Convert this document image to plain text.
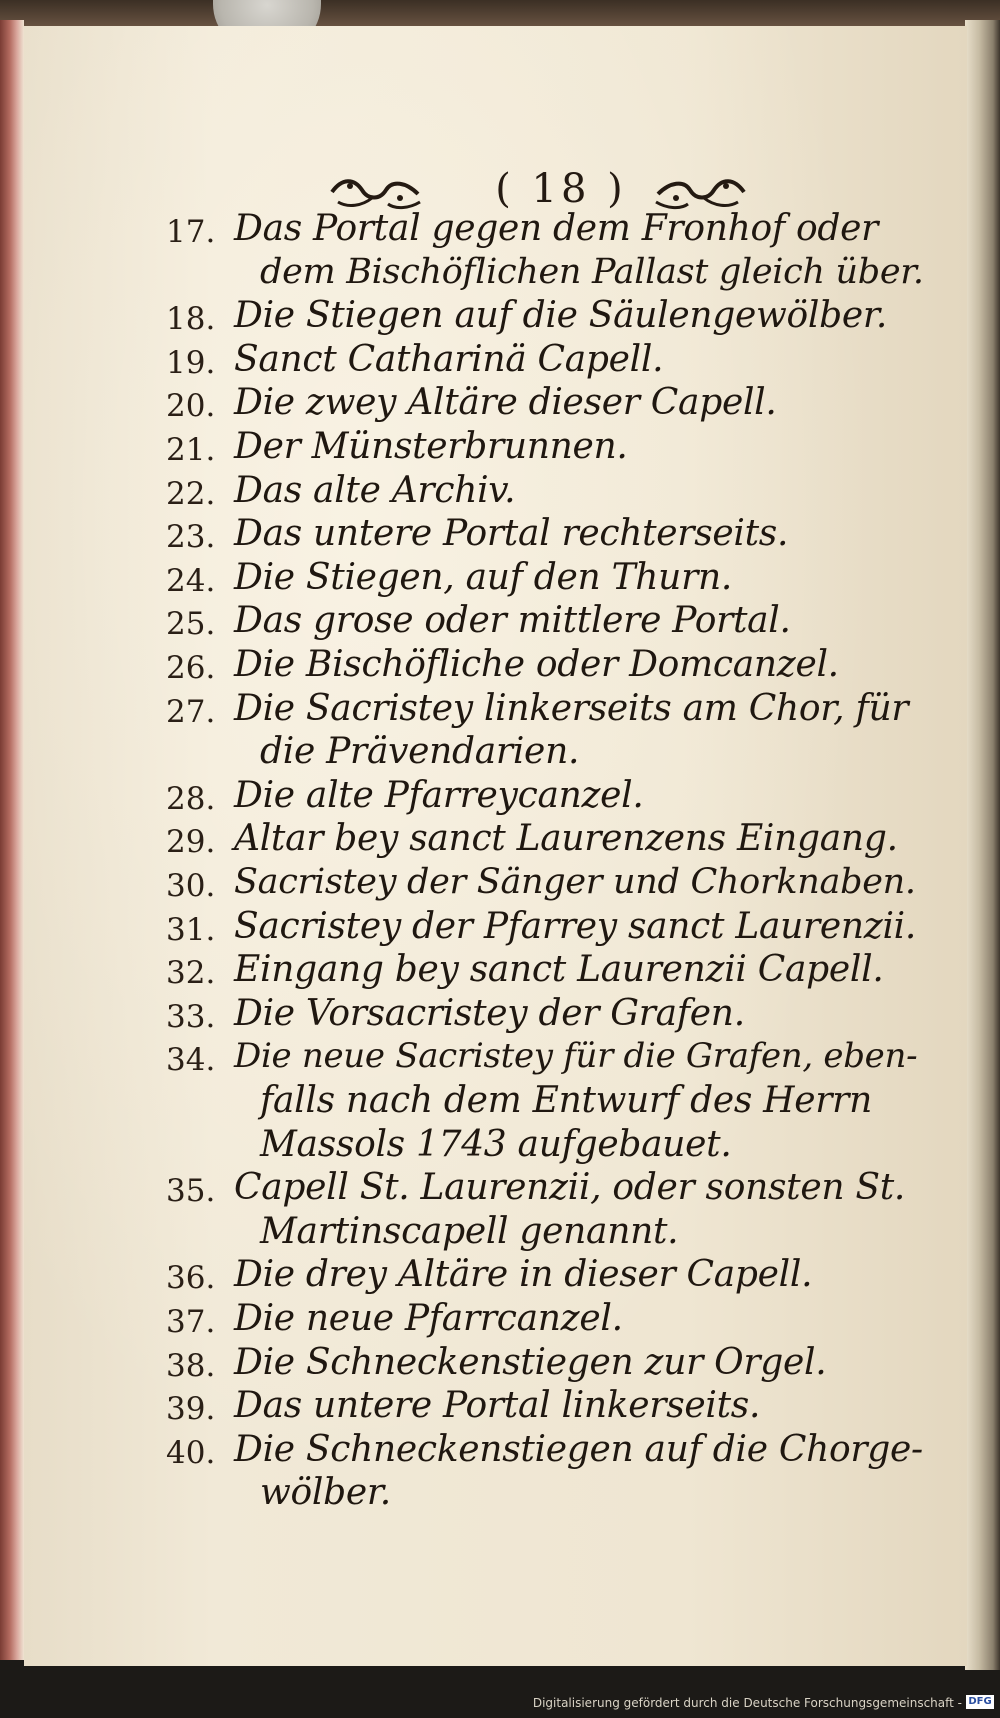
( 18 )
17. Das Portal gegen dem Fronhof oder
dem Bischöflichen Pallast gleich über.
18. Die Stiegen auf die Säulengewölber.
19. Sanct Catharinä Capell.
20. Die zwey Altäre dieser Capell.
21. Der Münsterbrunnen.
22. Das alte Archiv.
23. Das untere Portal rechterseits.
24. Die Stiegen, auf den Thurn.
25. Das grose oder mittlere Portal.
26. Die Bischöfliche oder Domcanzel.
27. Die Sacristey linkerseits am Chor, für
die Prävendarien.
28. Die alte Pfarreycanzel.
29. Altar bey sanct Laurenzens Eingang.
30. Sacristey der Sänger und Chorknaben.
31. Sacristey der Pfarrey sanct Laurenzii.
32. Eingang bey sanct Laurenzii Capell.
33. Die Vorsacristey der Grafen.
34. Die neue Sacristey für die Grafen, eben-
falls nach dem Entwurf des Herrn
Massols 1743 aufgebauet.
35. Capell St. Laurenzii, oder sonsten St.
Martinscapell genannt.
36. Die drey Altäre in dieser Capell.
37. Die neue Pfarrcanzel.
38. Die Schneckenstiegen zur Orgel.
39. Das untere Portal linkerseits.
40. Die Schneckenstiegen auf die Chorge-
wölber.
Digitalisierung gefördert durch die Deutsche Forschungsgemeinschaft - DFG
